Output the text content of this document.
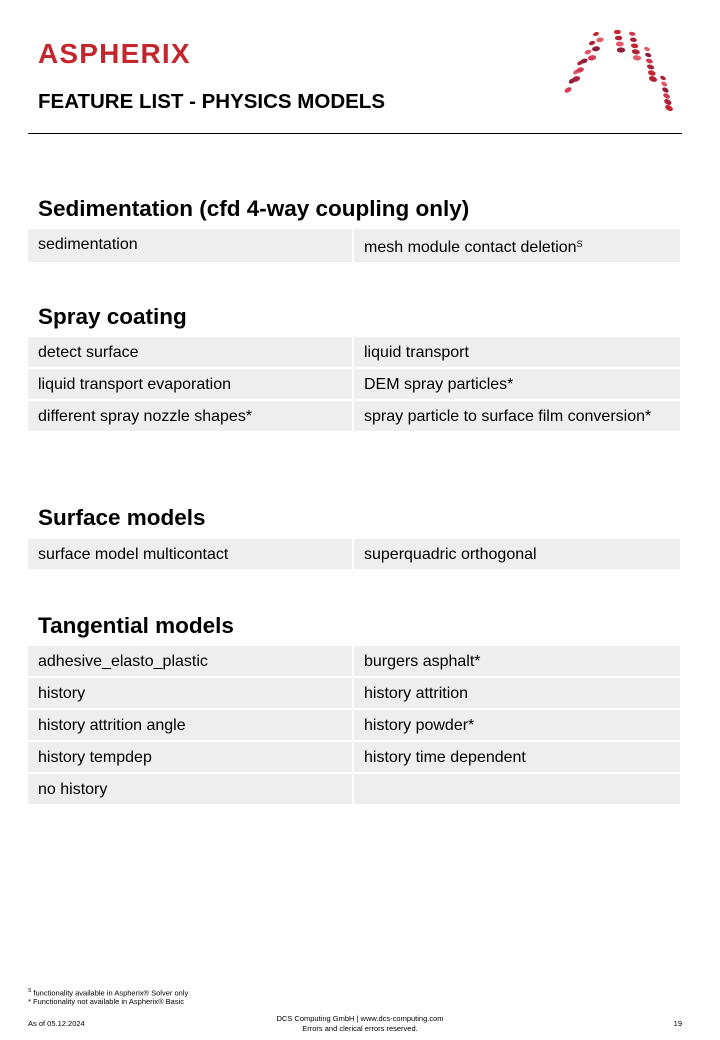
ASPHERIX
FEATURE LIST - PHYSICS MODELS
Sedimentation (cfd 4-way coupling only)
sedimentation	mesh module contact deletion$^S$
Spray coating
detect surface	liquid transport
liquid transport evaporation	DEM spray particles*
different spray nozzle shapes*	spray particle to surface film conversion*
Surface models
surface model multicontact	superquadric orthogonal
Tangential models
adhesive_elasto_plastic	burgers asphalt*
history	history attrition
history attrition angle	history powder*
history tempdep	history time dependent
no history
$^S$ functionality available in Aspherix® Solver only
* Functionality not available in Aspherix® Basic
As of 05.12.2024
DCS Computing GmbH | www.dcs-computing.com
Errors and clerical errors reserved.
19
